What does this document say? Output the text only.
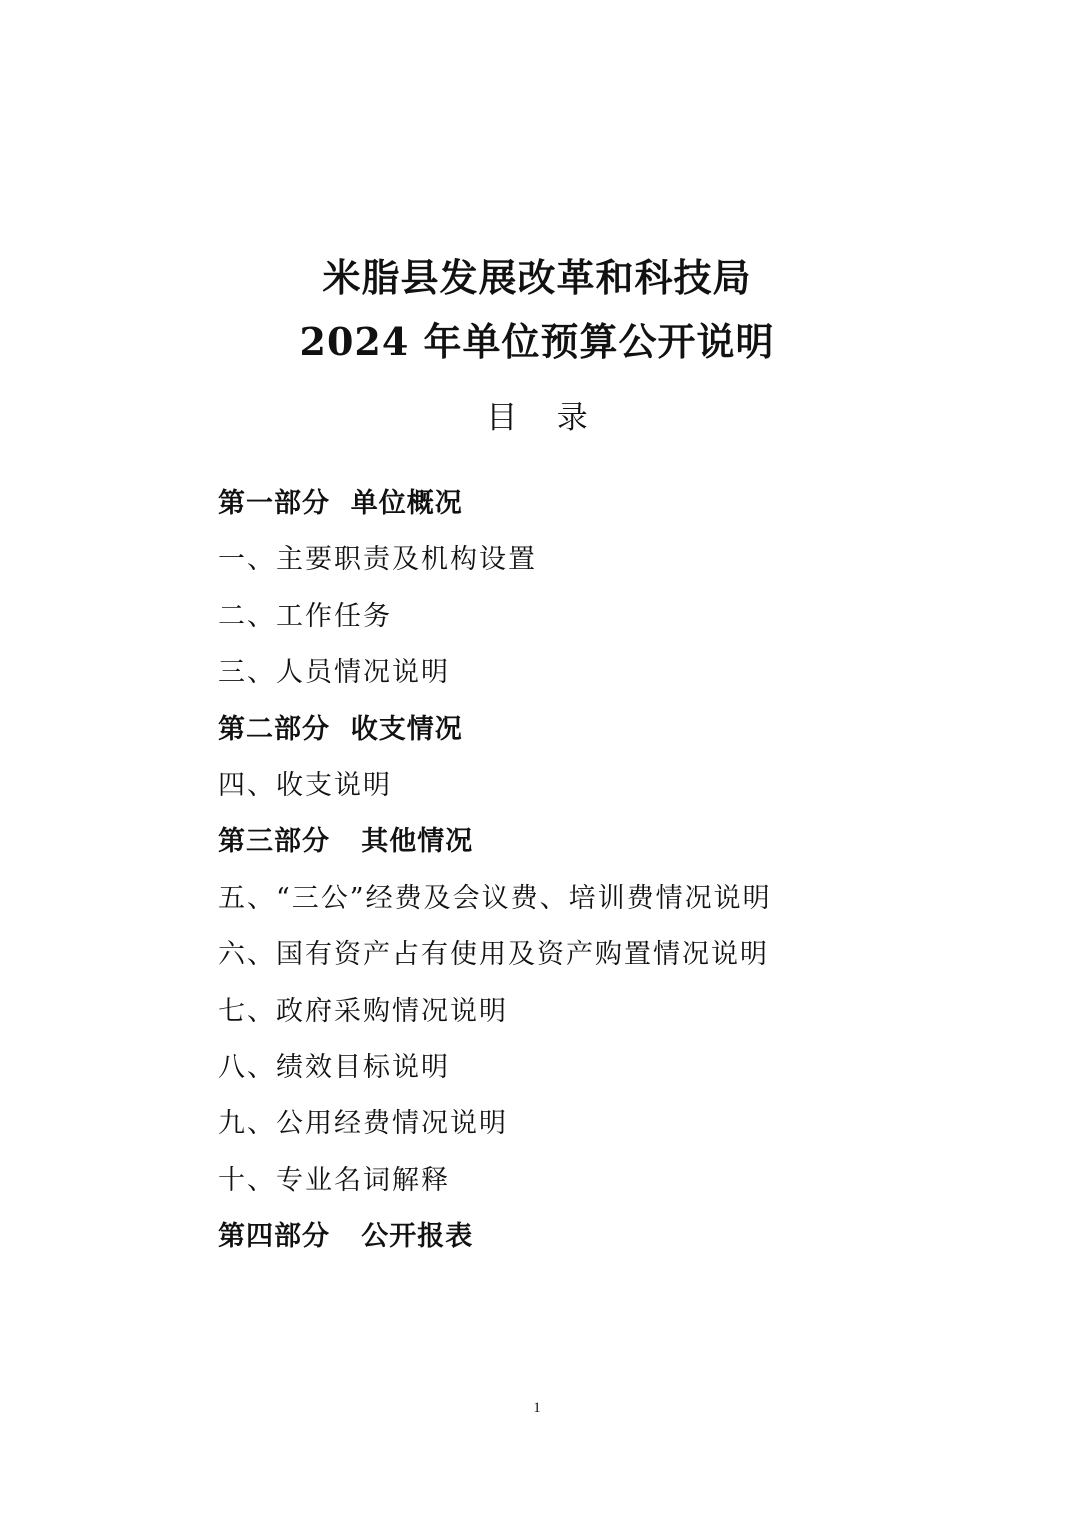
米脂县发展改革和科技局
2024 年单位预算公开说明
目    录
第一部分  单位概况
一、主要职责及机构设置
二、工作任务
三、人员情况说明
第二部分  收支情况
四、收支说明
第三部分   其他情况
五、“三公”经费及会议费、培训费情况说明
六、国有资产占有使用及资产购置情况说明
七、政府采购情况说明
八、绩效目标说明
九、公用经费情况说明
十、专业名词解释
第四部分   公开报表
1
